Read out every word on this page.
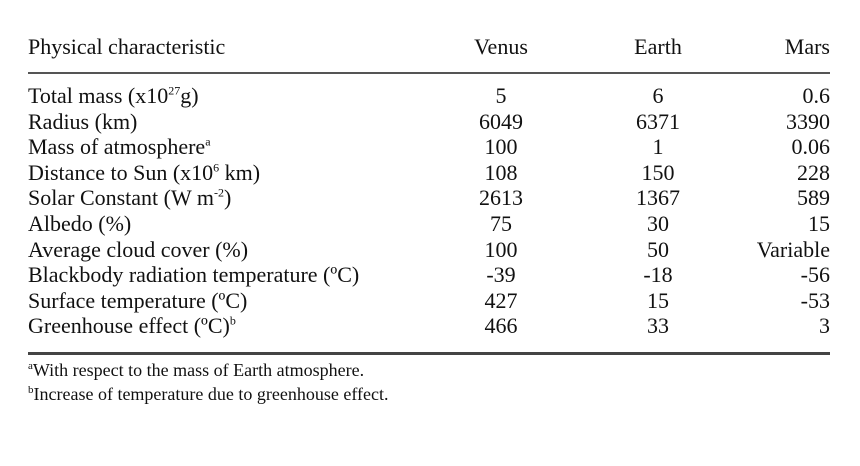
Physical characteristic	Venus	Earth	Mars
Total mass $(x10^{27}g)$	5	6	0.6
Radius (km)	6049	6371	3390
Mass of atmosphere$^a$	100	1	0.06
Distance to Sun ($x10^6$ km)	108	150	228
Solar Constant (W $m^{-2}$)	2613	1367	589
Albedo (%)	75	30	15
Average cloud cover (%)	100	50	Variable
Blackbody radiation temperature (ºC)	-39	-18	-56
Surface temperature (ºC)	427	15	-53
Greenhouse effect (ºC)$^b$	466	33	3
$^a$With respect to the mass of Earth atmosphere.
$^b$Increase of temperature due to greenhouse effect.
